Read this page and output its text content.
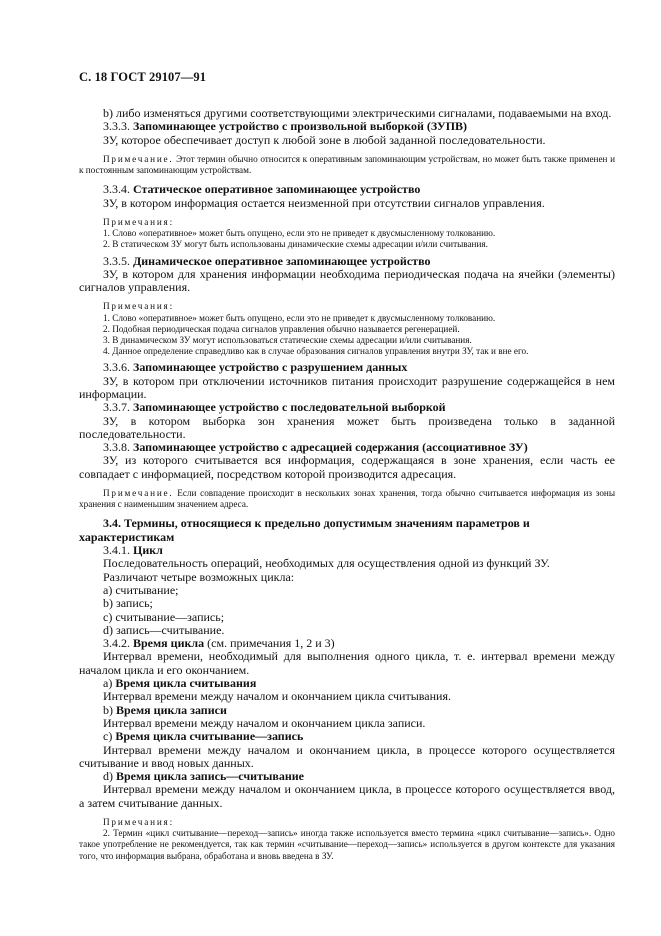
С. 18 ГОСТ 29107—91

b) либо изменяться другими соответствующими электрическими сигналами, подаваемыми на вход.

3.3.3. Запоминающее устройство с произвольной выборкой (ЗУПВ)

ЗУ, которое обеспечивает доступ к любой зоне в любой заданной последовательности.

Примечание. Этот термин обычно относится к оперативным запоминающим устройствам, но может быть также применен и к постоянным запоминающим устройствам.

3.3.4. Статическое оперативное запоминающее устройство

ЗУ, в котором информация остается неизменной при отсутствии сигналов управления.

Примечания:

1. Слово «оперативное» может быть опущено, если это не приведет к двусмысленному толкованию.

2. В статическом ЗУ могут быть использованы динамические схемы адресации и/или считывания.

3.3.5. Динамическое оперативное запоминающее устройство

ЗУ, в котором для хранения информации необходима периодическая подача на ячейки (элементы) сигналов управления.

Примечания:

1. Слово «оперативное» может быть опущено, если это не приведет к двусмысленному толкованию.

2. Подобная периодическая подача сигналов управления обычно называется регенерацией.

3. В динамическом ЗУ могут использоваться статические схемы адресации и/или считывания.

4. Данное определение справедливо как в случае образования сигналов управления внутри ЗУ, так и вне его.

3.3.6. Запоминающее устройство с разрушением данных

ЗУ, в котором при отключении источников питания происходит разрушение содержащейся в нем информации.

3.3.7. Запоминающее устройство с последовательной выборкой

ЗУ, в котором выборка зон хранения может быть произведена только в заданной последовательности.

3.3.8. Запоминающее устройство с адресацией содержания (ассоциативное ЗУ)

ЗУ, из которого считывается вся информация, содержащаяся в зоне хранения, если часть ее совпадает с информацией, посредством которой производится адресация.

Примечание. Если совпадение происходит в нескольких зонах хранения, тогда обычно считывается информация из зоны хранения с наименьшим значением адреса.

3.4. Термины, относящиеся к предельно допустимым значениям параметров и характеристикам

3.4.1. Цикл

Последовательность операций, необходимых для осуществления одной из функций ЗУ.

Различают четыре возможных цикла:

a) считывание;

b) запись;

c) считывание—запись;

d) запись—считывание.

3.4.2. Время цикла (см. примечания 1, 2 и 3)

Интервал времени, необходимый для выполнения одного цикла, т. е. интервал времени между началом цикла и его окончанием.

a) Время цикла считывания

Интервал времени между началом и окончанием цикла считывания.

b) Время цикла записи

Интервал времени между началом и окончанием цикла записи.

c) Время цикла считывание—запись

Интервал времени между началом и окончанием цикла, в процессе которого осуществляется считывание и ввод новых данных.

d) Время цикла запись—считывание

Интервал времени между началом и окончанием цикла, в процессе которого осуществляется ввод, а затем считывание данных.

Примечания:

2. Термин «цикл считывание—переход—запись» иногда также используется вместо термина «цикл считывание—запись». Одно такое употребление не рекомендуется, так как термин «считывание—переход—запись» используется в другом контексте для указания того, что информация выбрана, обработана и вновь введена в ЗУ.
